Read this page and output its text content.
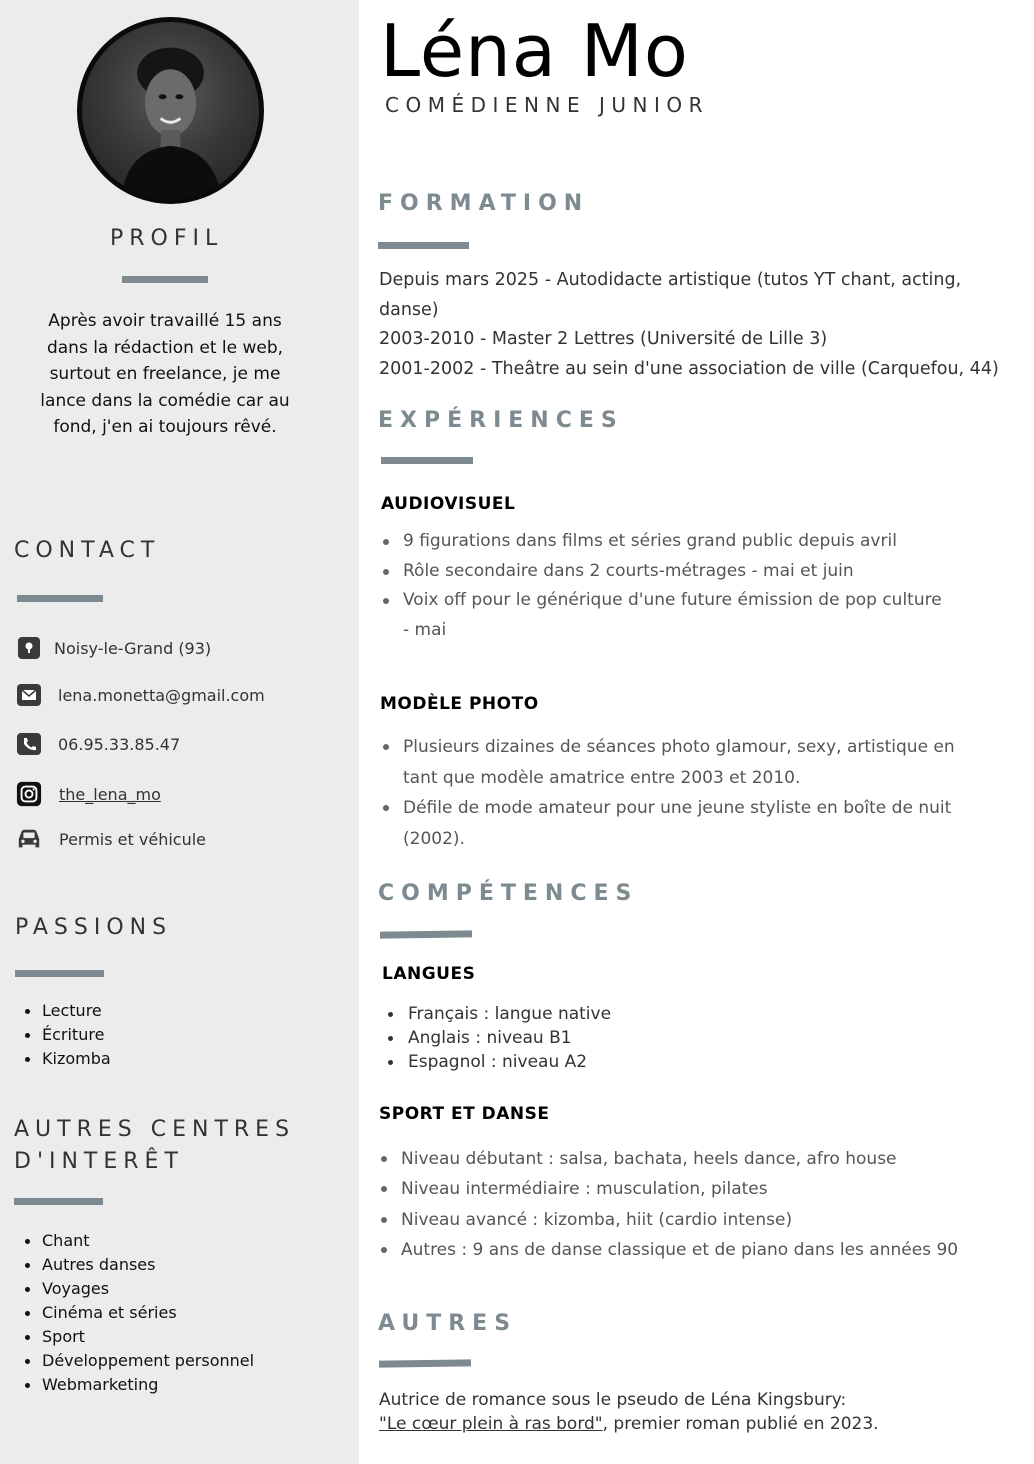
PROFIL
Après avoir travaillé 15 ans dans la rédaction et le web, surtout en freelance, je me lance dans la comédie car au fond, j'en ai toujours rêvé.
CONTACT
Noisy-le-Grand (93)
lena.monetta@gmail.com
06.95.33.85.47
the_lena_mo
Permis et véhicule
PASSIONS
Lecture
Écriture
Kizomba
AUTRES CENTRES
D'INTERÊT
Chant
Autres danses
Voyages
Cinéma et séries
Sport
Développement personnel
Webmarketing
Léna Mo
COMÉDIENNE JUNIOR
FORMATION
Depuis mars 2025 - Autodidacte artistique (tutos YT chant, acting, danse)
2003-2010 - Master 2 Lettres (Université de Lille 3)
2001-2002 - Theâtre au sein d'une association de ville (Carquefou, 44)
EXPÉRIENCES
AUDIOVISUEL
9 figurations dans films et séries grand public depuis avril
Rôle secondaire dans 2 courts-métrages - mai et juin
Voix off pour le générique d'une future émission de pop culture - mai
MODÈLE PHOTO
Plusieurs dizaines de séances photo glamour, sexy, artistique en tant que modèle amatrice entre 2003 et 2010.
Défile de mode amateur pour une jeune styliste en boîte de nuit (2002).
COMPÉTENCES
LANGUES
Français : langue native
Anglais : niveau B1
Espagnol : niveau A2
SPORT ET DANSE
Niveau débutant : salsa, bachata, heels dance, afro house
Niveau intermédiaire : musculation, pilates
Niveau avancé : kizomba, hiit (cardio intense)
Autres : 9 ans de danse classique et de piano dans les années 90
AUTRES
Autrice de romance sous le pseudo de Léna Kingsbury:
"Le cœur plein à ras bord", premier roman publié en 2023.
